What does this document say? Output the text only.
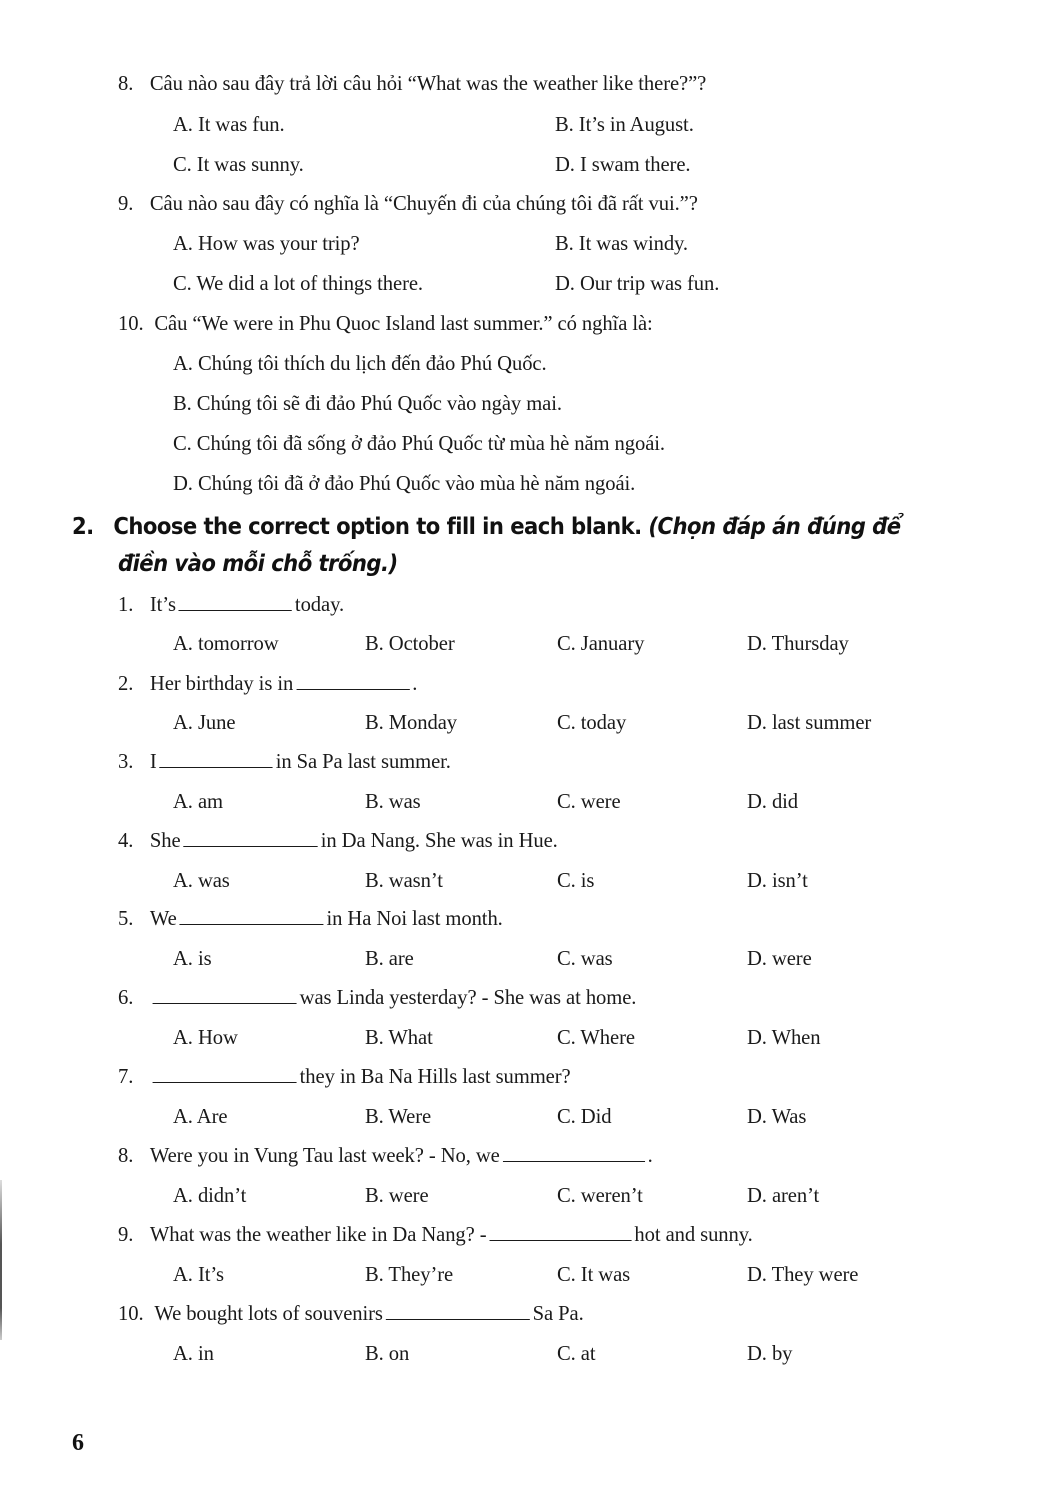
8. Câu nào sau đây trả lời câu hỏi “What was the weather like there?”?
A. It was fun.	B. It’s in August.
C. It was sunny.	D. I swam there.
9. Câu nào sau đây có nghĩa là “Chuyến đi của chúng tôi đã rất vui.”?
A. How was your trip?	B. It was windy.
C. We did a lot of things there.	D. Our trip was fun.
10. Câu “We were in Phu Quoc Island last summer.” có nghĩa là:
A. Chúng tôi thích du lịch đến đảo Phú Quốc.
B. Chúng tôi sẽ đi đảo Phú Quốc vào ngày mai.
C. Chúng tôi đã sống ở đảo Phú Quốc từ mùa hè năm ngoái.
D. Chúng tôi đã ở đảo Phú Quốc vào mùa hè năm ngoái.
2. Choose the correct option to fill in each blank. (Chọn đáp án đúng để
điền vào mỗi chỗ trống.)
1. It’s	today.
A. tomorrow	B. October	C. January	D. Thursday
2. Her birthday is in	.
A. June	B. Monday	C. today	D. last summer
3. I	in Sa Pa last summer.
A. am	B. was	C. were	D. did
4. She	in Da Nang. She was in Hue.
A. was	B. wasn’t	C. is	D. isn’t
5. We	in Ha Noi last month.
A. is	B. are	C. was	D. were
6.	was Linda yesterday? - She was at home.
A. How	B. What	C. Where	D. When
7.	they in Ba Na Hills last summer?
A. Are	B. Were	C. Did	D. Was
8. Were you in Vung Tau last week? - No, we	.
A. didn’t	B. were	C. weren’t	D. aren’t
9. What was the weather like in Da Nang? -	hot and sunny.
A. It’s	B. They’re	C. It was	D. They were
10. We bought lots of souvenirs	Sa Pa.
A. in	B. on	C. at	D. by
6
